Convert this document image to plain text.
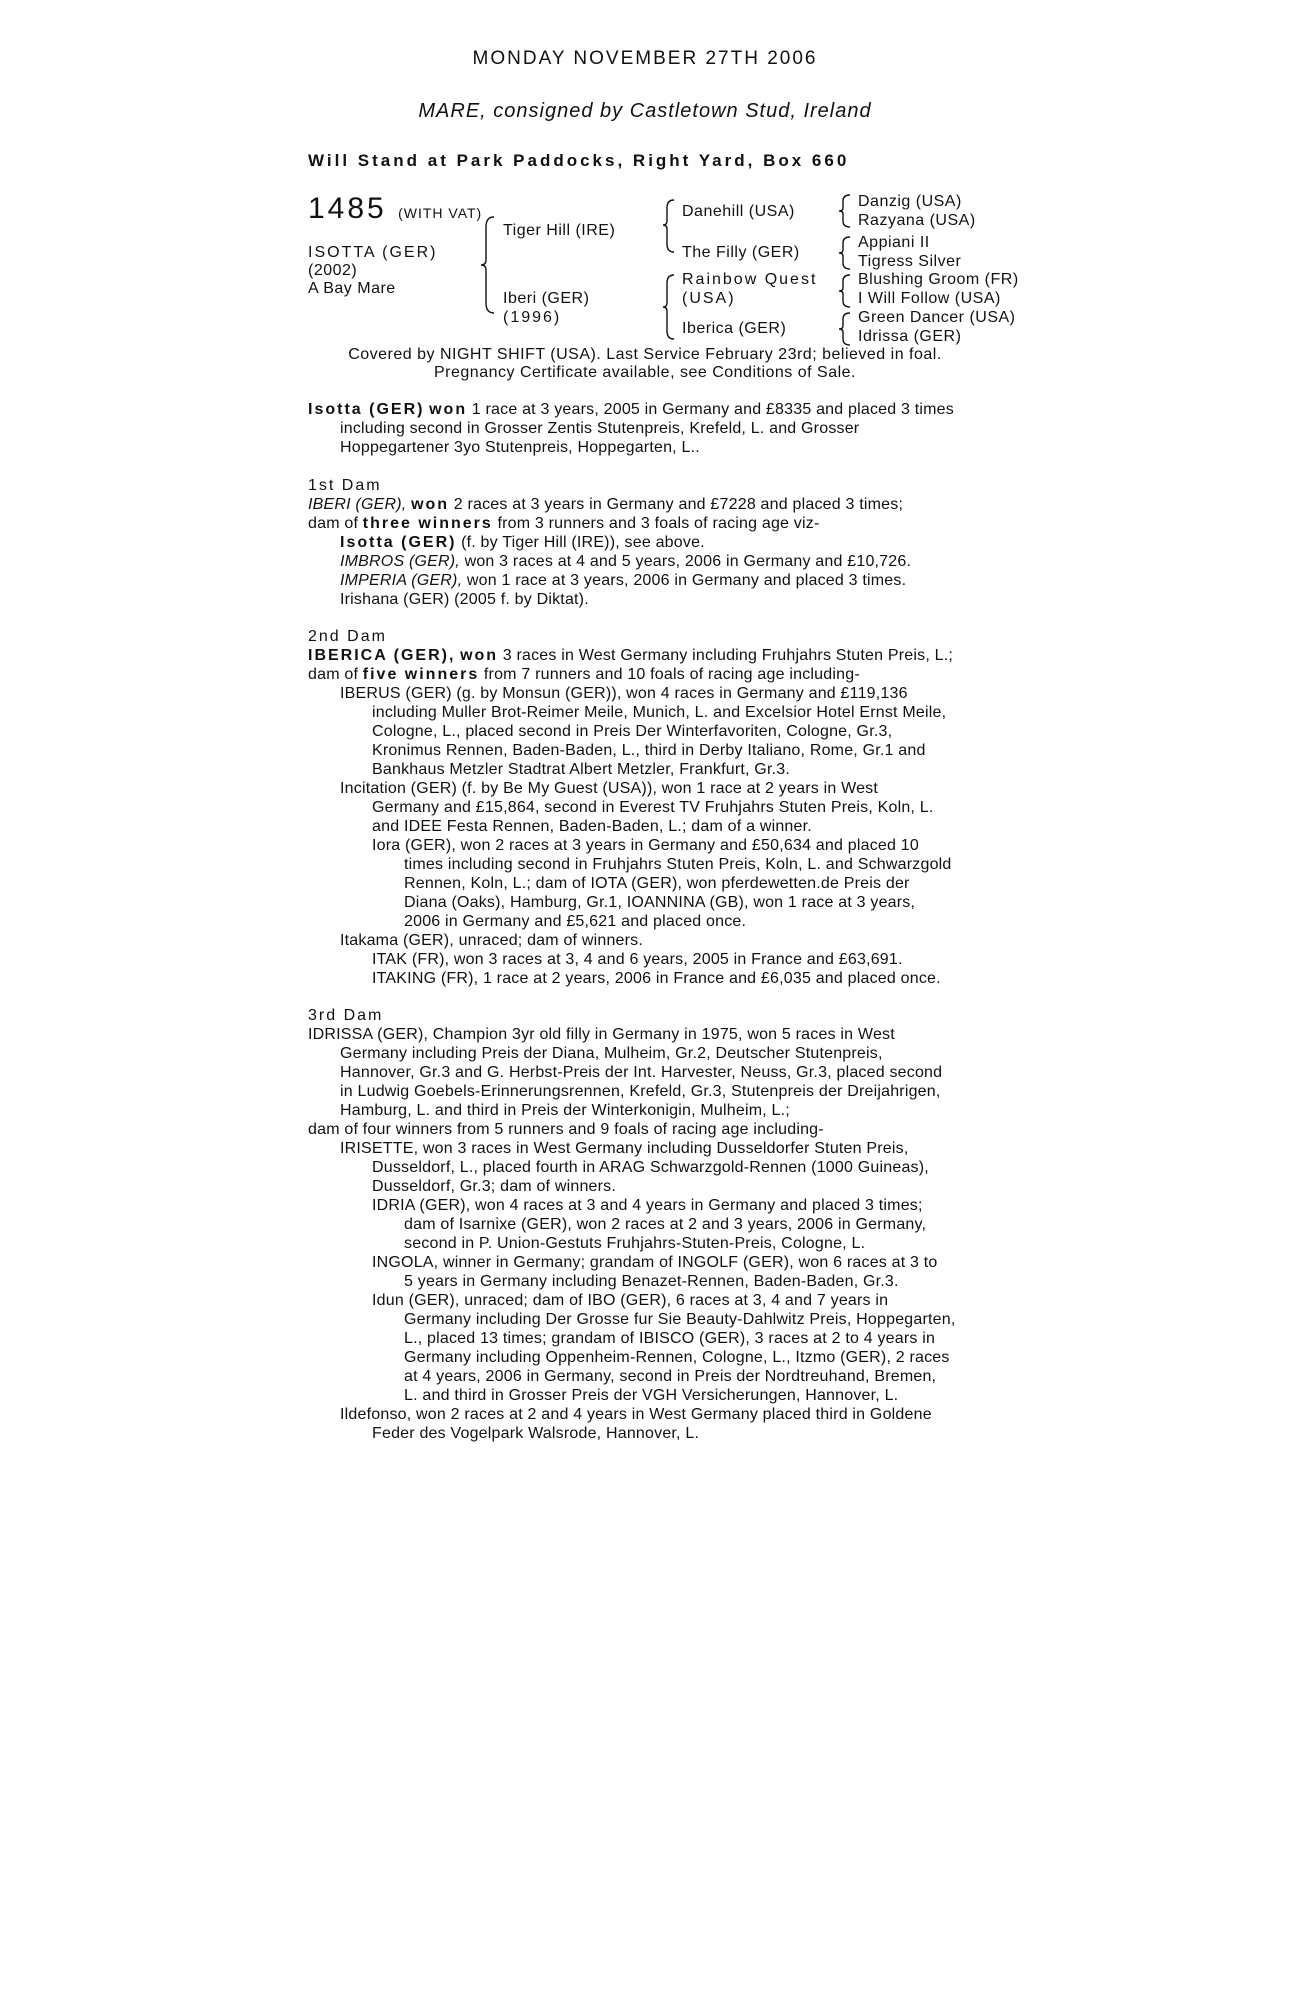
MONDAY NOVEMBER 27TH 2006
MARE, consigned by Castletown Stud, Ireland
Will Stand at Park Paddocks, Right Yard, Box 660
1485 (WITH VAT)
ISOTTA (GER)
(2002)
A Bay Mare
Tiger Hill (IRE)
Iberi (GER)
(1996)
Danehill (USA)
The Filly (GER)
Rainbow Quest
(USA)
Iberica (GER)
Danzig (USA)
Razyana (USA)
Appiani II
Tigress Silver
Blushing Groom (FR)
I Will Follow (USA)
Green Dancer (USA)
Idrissa (GER)
Covered by NIGHT SHIFT (USA). Last Service February 23rd; believed in foal.
Pregnancy Certificate available, see Conditions of Sale.

Isotta (GER) won 1 race at 3 years, 2005 in Germany and £8335 and placed 3 times

including second in Grosser Zentis Stutenpreis, Krefeld, L. and Grosser

Hoppegartener 3yo Stutenpreis, Hoppegarten, L..

1st Dam

IBERI (GER), won 2 races at 3 years in Germany and £7228 and placed 3 times;

dam of three winners from 3 runners and 3 foals of racing age viz-

Isotta (GER) (f. by Tiger Hill (IRE)), see above.

IMBROS (GER), won 3 races at 4 and 5 years, 2006 in Germany and £10,726.

IMPERIA (GER), won 1 race at 3 years, 2006 in Germany and placed 3 times.

Irishana (GER) (2005 f. by Diktat).

2nd Dam

IBERICA (GER), won 3 races in West Germany including Fruhjahrs Stuten Preis, L.;

dam of five winners from 7 runners and 10 foals of racing age including-

IBERUS (GER) (g. by Monsun (GER)), won 4 races in Germany and £119,136

including Muller Brot-Reimer Meile, Munich, L. and Excelsior Hotel Ernst Meile,

Cologne, L., placed second in Preis Der Winterfavoriten, Cologne, Gr.3,

Kronimus Rennen, Baden-Baden, L., third in Derby Italiano, Rome, Gr.1 and

Bankhaus Metzler Stadtrat Albert Metzler, Frankfurt, Gr.3.

Incitation (GER) (f. by Be My Guest (USA)), won 1 race at 2 years in West

Germany and £15,864, second in Everest TV Fruhjahrs Stuten Preis, Koln, L.

and IDEE Festa Rennen, Baden-Baden, L.; dam of a winner.

Iora (GER), won 2 races at 3 years in Germany and £50,634 and placed 10

times including second in Fruhjahrs Stuten Preis, Koln, L. and Schwarzgold

Rennen, Koln, L.; dam of IOTA (GER), won pferdewetten.de Preis der

Diana (Oaks), Hamburg, Gr.1, IOANNINA (GB), won 1 race at 3 years,

2006 in Germany and £5,621 and placed once.

Itakama (GER), unraced; dam of winners.

ITAK (FR), won 3 races at 3, 4 and 6 years, 2005 in France and £63,691.

ITAKING (FR), 1 race at 2 years, 2006 in France and £6,035 and placed once.

3rd Dam

IDRISSA (GER), Champion 3yr old filly in Germany in 1975, won 5 races in West

Germany including Preis der Diana, Mulheim, Gr.2, Deutscher Stutenpreis,

Hannover, Gr.3 and G. Herbst-Preis der Int. Harvester, Neuss, Gr.3, placed second

in Ludwig Goebels-Erinnerungsrennen, Krefeld, Gr.3, Stutenpreis der Dreijahrigen,

Hamburg, L. and third in Preis der Winterkonigin, Mulheim, L.;

dam of four winners from 5 runners and 9 foals of racing age including-

IRISETTE, won 3 races in West Germany including Dusseldorfer Stuten Preis,

Dusseldorf, L., placed fourth in ARAG Schwarzgold-Rennen (1000 Guineas),

Dusseldorf, Gr.3; dam of winners.

IDRIA (GER), won 4 races at 3 and 4 years in Germany and placed 3 times;

dam of Isarnixe (GER), won 2 races at 2 and 3 years, 2006 in Germany,

second in P. Union-Gestuts Fruhjahrs-Stuten-Preis, Cologne, L.

INGOLA, winner in Germany; grandam of INGOLF (GER), won 6 races at 3 to

5 years in Germany including Benazet-Rennen, Baden-Baden, Gr.3.

Idun (GER), unraced; dam of IBO (GER), 6 races at 3, 4 and 7 years in

Germany including Der Grosse fur Sie Beauty-Dahlwitz Preis, Hoppegarten,

L., placed 13 times; grandam of IBISCO (GER), 3 races at 2 to 4 years in

Germany including Oppenheim-Rennen, Cologne, L., Itzmo (GER), 2 races

at 4 years, 2006 in Germany, second in Preis der Nordtreuhand, Bremen,

L. and third in Grosser Preis der VGH Versicherungen, Hannover, L.

Ildefonso, won 2 races at 2 and 4 years in West Germany placed third in Goldene

Feder des Vogelpark Walsrode, Hannover, L.
